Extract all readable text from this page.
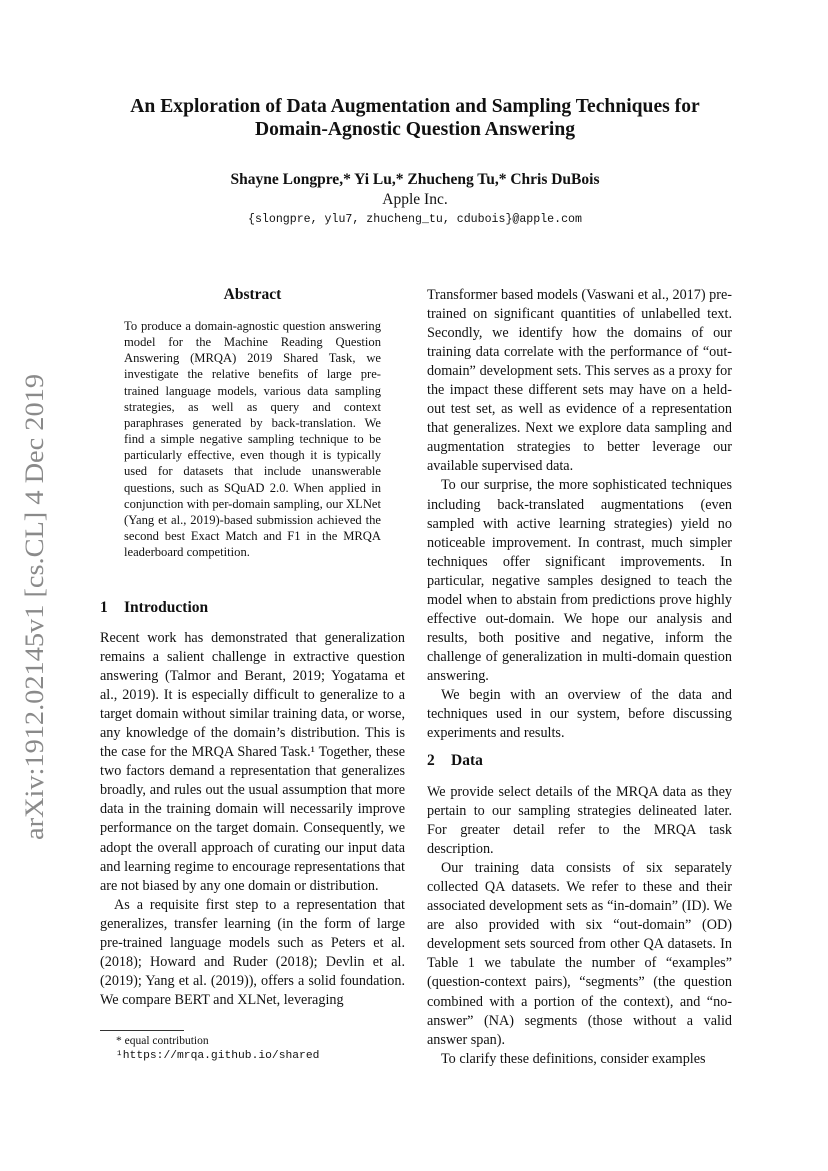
arXiv:1912.02145v1 [cs.CL] 4 Dec 2019
An Exploration of Data Augmentation and Sampling Techniques for
Domain-Agnostic Question Answering
Shayne Longpre,* Yi Lu,* Zhucheng Tu,* Chris DuBois
Apple Inc.
{slongpre, ylu7, zhucheng_tu, cdubois}@apple.com
Abstract

To produce a domain-agnostic question answering model for the Machine Reading Question Answering (MRQA) 2019 Shared Task, we investigate the relative benefits of large pre-trained language models, various data sampling strategies, as well as query and context paraphrases generated by back-translation. We find a simple negative sampling technique to be particularly effective, even though it is typically used for datasets that include unanswerable questions, such as SQuAD 2.0. When applied in conjunction with per-domain sampling, our XLNet (Yang et al., 2019)-based submission achieved the second best Exact Match and F1 in the MRQA leaderboard competition.

1 Introduction

Recent work has demonstrated that generalization remains a salient challenge in extractive question answering (Talmor and Berant, 2019; Yogatama et al., 2019). It is especially difficult to generalize to a target domain without similar training data, or worse, any knowledge of the domain’s distribution. This is the case for the MRQA Shared Task.¹ Together, these two factors demand a representation that generalizes broadly, and rules out the usual assumption that more data in the training domain will necessarily improve performance on the target domain. Consequently, we adopt the overall approach of curating our input data and learning regime to encourage representations that are not biased by any one domain or distribution.

As a requisite first step to a representation that generalizes, transfer learning (in the form of large pre-trained language models such as Peters et al. (2018); Howard and Ruder (2018); Devlin et al. (2019); Yang et al. (2019)), offers a solid foundation. We compare BERT and XLNet, leveraging

* equal contribution
¹https://mrqa.github.io/shared

Transformer based models (Vaswani et al., 2017) pre-trained on significant quantities of unlabelled text. Secondly, we identify how the domains of our training data correlate with the performance of “out-domain” development sets. This serves as a proxy for the impact these different sets may have on a held-out test set, as well as evidence of a representation that generalizes. Next we explore data sampling and augmentation strategies to better leverage our available supervised data.

To our surprise, the more sophisticated techniques including back-translated augmentations (even sampled with active learning strategies) yield no noticeable improvement. In contrast, much simpler techniques offer significant improvements. In particular, negative samples designed to teach the model when to abstain from predictions prove highly effective out-domain. We hope our analysis and results, both positive and negative, inform the challenge of generalization in multi-domain question answering.

We begin with an overview of the data and techniques used in our system, before discussing experiments and results.

2 Data

We provide select details of the MRQA data as they pertain to our sampling strategies delineated later. For greater detail refer to the MRQA task description.

Our training data consists of six separately collected QA datasets. We refer to these and their associated development sets as “in-domain” (ID). We are also provided with six “out-domain” (OD) development sets sourced from other QA datasets. In Table 1 we tabulate the number of “examples” (question-context pairs), “segments” (the question combined with a portion of the context), and “no-answer” (NA) segments (those without a valid answer span).

To clarify these definitions, consider examples
